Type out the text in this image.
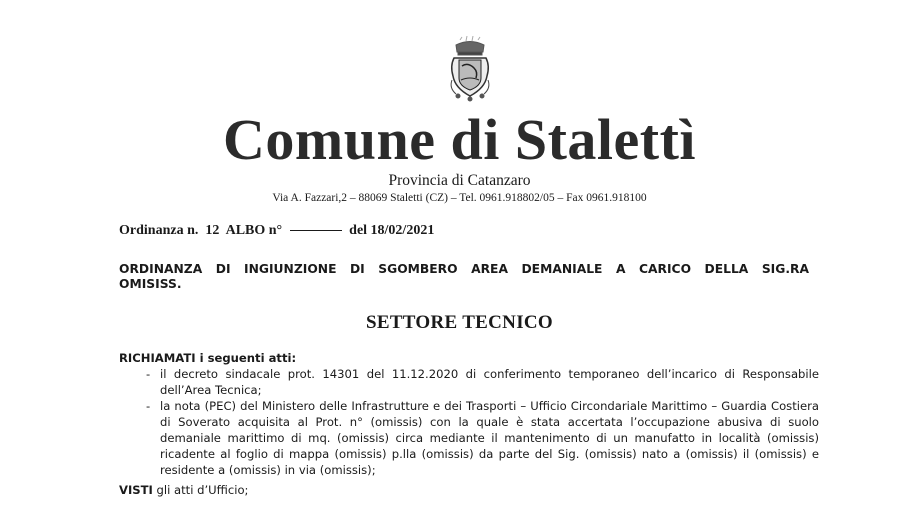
Comune di Stalettì
Provincia di Catanzaro
Via A. Fazzari,2 – 88069 Staletti (CZ) – Tel. 0961.918802/05 – Fax 0961.918100
Ordinanza n. 12 ALBO n°	del 18/02/2021
ORDINANZA DI INGIUNZIONE DI SGOMBERO AREA DEMANIALE A CARICO DELLA SIG.RA
OMISISS.
SETTORE TECNICO
RICHIAMATI i seguenti atti:
- il decreto sindacale prot. 14301 del 11.12.2020 di conferimento temporaneo dell’incarico di Responsabile dell’Area Tecnica;
- la nota (PEC) del Ministero delle Infrastrutture e dei Trasporti – Ufficio Circondariale Marittimo – Guardia Costiera di Soverato acquisita al Prot. n° (omissis) con la quale è stata accertata l’occupazione abusiva di suolo demaniale marittimo di mq. (omissis) circa mediante il mantenimento di un manufatto in località (omissis) ricadente al foglio di mappa (omissis) p.lla (omissis) da parte del Sig. (omissis) nato a (omissis) il (omissis) e residente a (omissis) in via (omissis);
VISTI gli atti d’Ufficio;
